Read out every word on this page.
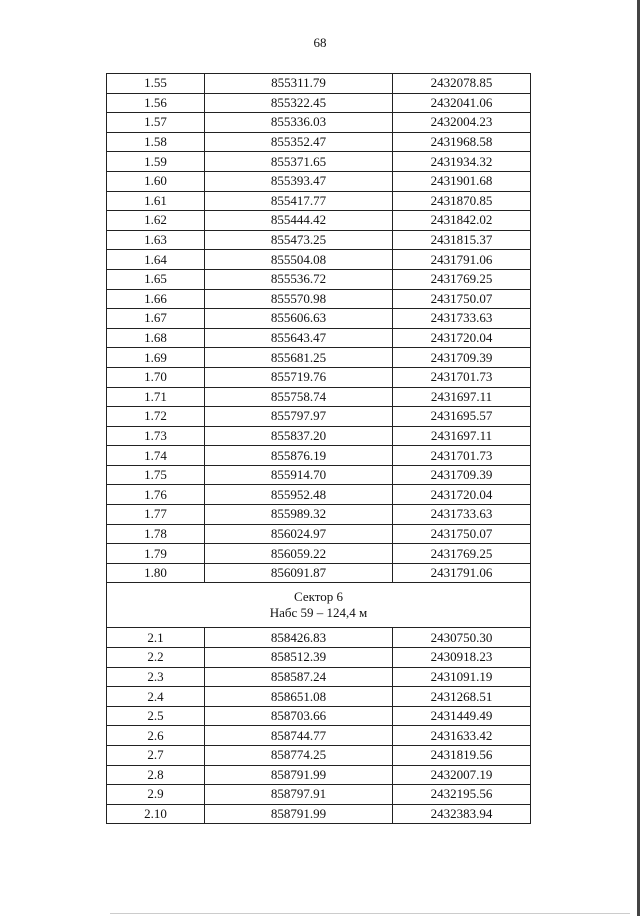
68
1.55	855311.79	2432078.85
1.56	855322.45	2432041.06
1.57	855336.03	2432004.23
1.58	855352.47	2431968.58
1.59	855371.65	2431934.32
1.60	855393.47	2431901.68
1.61	855417.77	2431870.85
1.62	855444.42	2431842.02
1.63	855473.25	2431815.37
1.64	855504.08	2431791.06
1.65	855536.72	2431769.25
1.66	855570.98	2431750.07
1.67	855606.63	2431733.63
1.68	855643.47	2431720.04
1.69	855681.25	2431709.39
1.70	855719.76	2431701.73
1.71	855758.74	2431697.11
1.72	855797.97	2431695.57
1.73	855837.20	2431697.11
1.74	855876.19	2431701.73
1.75	855914.70	2431709.39
1.76	855952.48	2431720.04
1.77	855989.32	2431733.63
1.78	856024.97	2431750.07
1.79	856059.22	2431769.25
1.80	856091.87	2431791.06

Сектор 6
Набс 59 – 124,4 м		

2.1	858426.83	2430750.30
2.2	858512.39	2430918.23
2.3	858587.24	2431091.19
2.4	858651.08	2431268.51
2.5	858703.66	2431449.49
2.6	858744.77	2431633.42
2.7	858774.25	2431819.56
2.8	858791.99	2432007.19
2.9	858797.91	2432195.56
2.10	858791.99	2432383.94
